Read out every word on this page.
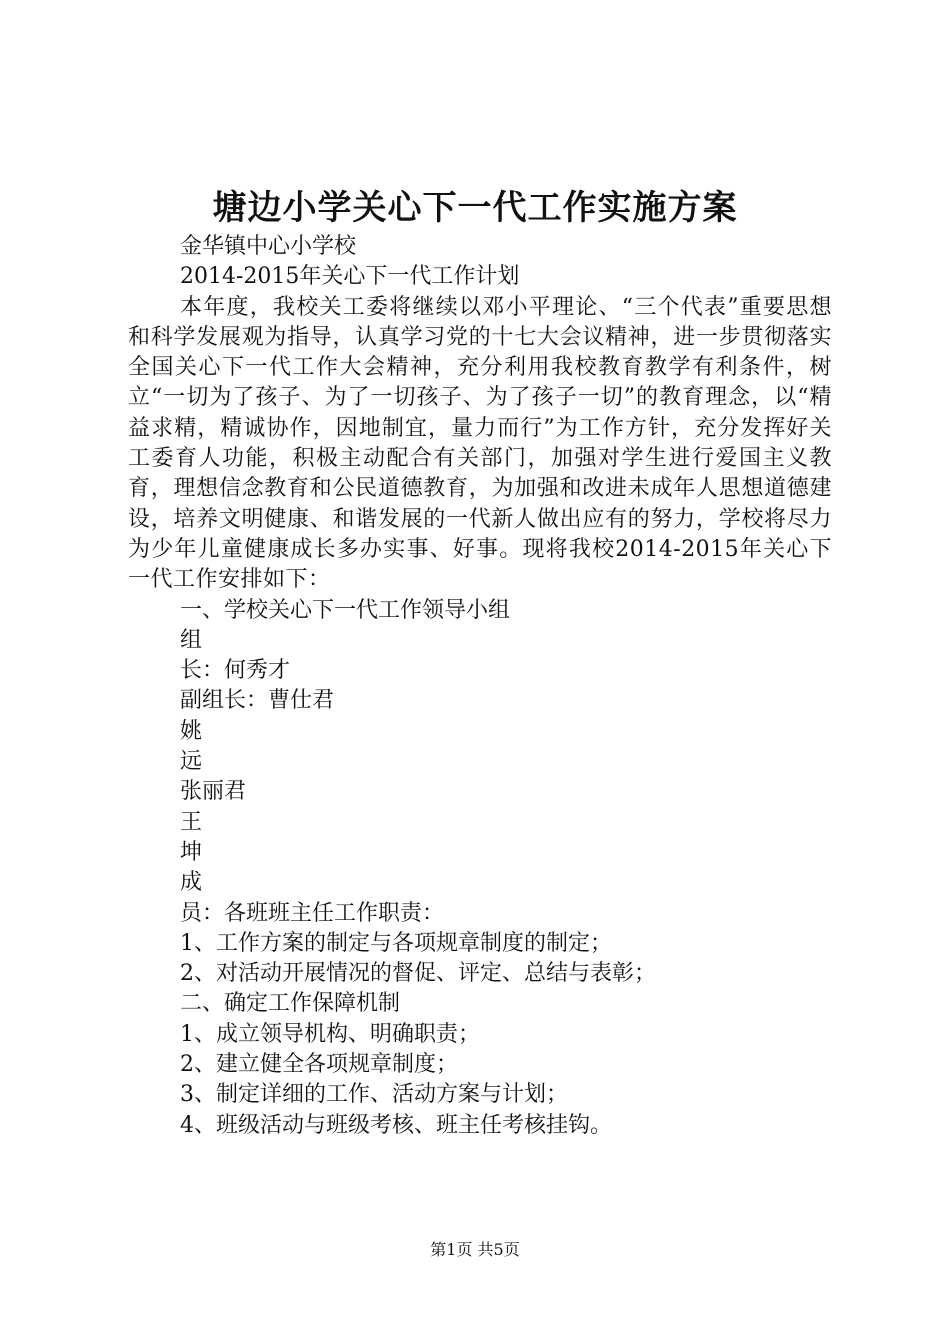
塘边小学关心下一代工作实施方案
金华镇中心小学校
2014-2015年关心下一代工作计划
本年度，我校关工委将继续以邓小平理论、“三个代表”重要思想和科学发展观为指导，认真学习党的十七大会议精神，进一步贯彻落实全国关心下一代工作大会精神，充分利用我校教育教学有利条件，树立“一切为了孩子、为了一切孩子、为了孩子一切”的教育理念，以“精益求精，精诚协作，因地制宜，量力而行”为工作方针，充分发挥好关工委育人功能，积极主动配合有关部门，加强对学生进行爱国主义教育，理想信念教育和公民道德教育，为加强和改进未成年人思想道德建设，培养文明健康、和谐发展的一代新人做出应有的努力，学校将尽力为少年儿童健康成长多办实事、好事。现将我校2014-2015年关心下一代工作安排如下：
一、学校关心下一代工作领导小组
组
长：何秀才
副组长：曹仕君
姚
远
张丽君
王
坤
成
员：各班班主任工作职责：
1、工作方案的制定与各项规章制度的制定；
2、对活动开展情况的督促、评定、总结与表彰；
二、确定工作保障机制
1、成立领导机构、明确职责；
2、建立健全各项规章制度；
3、制定详细的工作、活动方案与计划；
4、班级活动与班级考核、班主任考核挂钩。
第1页 共5页
